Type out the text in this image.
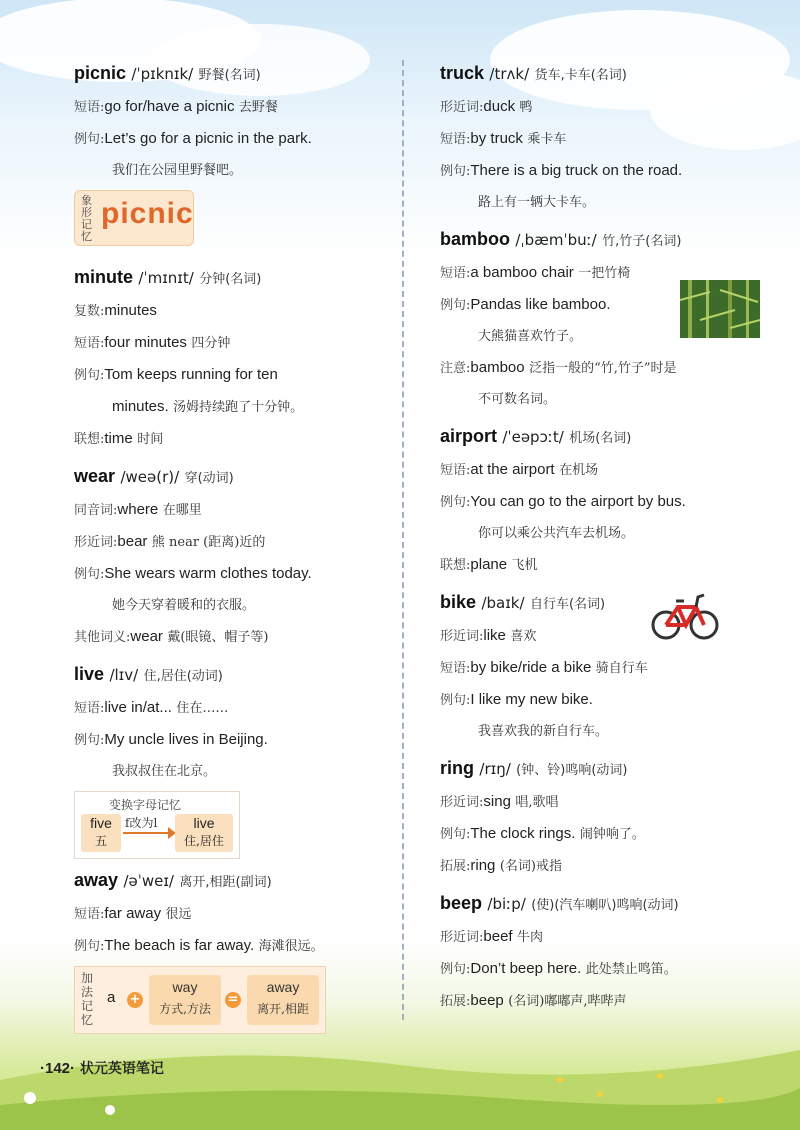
picnic /ˈpɪknɪk/ 野餐(名词)
短语:go for/have a picnic 去野餐
例句:Let’s go for a picnic in the park.
我们在公园里野餐吧。
象形记忆
picnic
minute /ˈmɪnɪt/ 分钟(名词)
复数:minutes
短语:four minutes 四分钟
例句:Tom keeps running for ten
minutes. 汤姆持续跑了十分钟。
联想:time 时间
wear /weə(r)/ 穿(动词)
同音词:where 在哪里
形近词:bear 熊 near (距离)近的
例句:She wears warm clothes today.
她今天穿着暖和的衣服。
其他词义:wear 戴(眼镜、帽子等)
live /lɪv/ 住,居住(动词)
短语:live in/at... 住在……
例句:My uncle lives in Beijing.
我叔叔住在北京。
变换字母记忆
five
五
f改为l	live
住,居住
away /əˈweɪ/ 离开,相距(副词)
短语:far away 很远
例句:The beach is far away. 海滩很远。
加法记忆
a +
way
方式,方法
=
away
离开,相距
truck /trʌk/ 货车,卡车(名词)
形近词:duck 鸭
短语:by truck 乘卡车
例句:There is a big truck on the road.
路上有一辆大卡车。
bamboo /ˌbæmˈbuː/ 竹,竹子(名词)
短语:a bamboo chair 一把竹椅
例句:Pandas like bamboo.
大熊猫喜欢竹子。
注意:bamboo 泛指一般的“竹,竹子”时是
不可数名词。
airport /ˈeəpɔːt/ 机场(名词)
短语:at the airport 在机场
例句:You can go to the airport by bus.
你可以乘公共汽车去机场。
联想:plane 飞机
bike /baɪk/ 自行车(名词)
形近词:like 喜欢
短语:by bike/ride a bike 骑自行车
例句:I like my new bike.
我喜欢我的新自行车。
ring /rɪŋ/ (钟、铃)鸣响(动词)
形近词:sing 唱,歌唱
例句:The clock rings. 闹钟响了。
拓展:ring (名词)戒指
beep /biːp/ (使)(汽车喇叭)鸣响(动词)
形近词:beef 牛肉
例句:Don’t beep here. 此处禁止鸣笛。
拓展:beep (名词)嘟嘟声,哔哔声
·142· 状元英语笔记
